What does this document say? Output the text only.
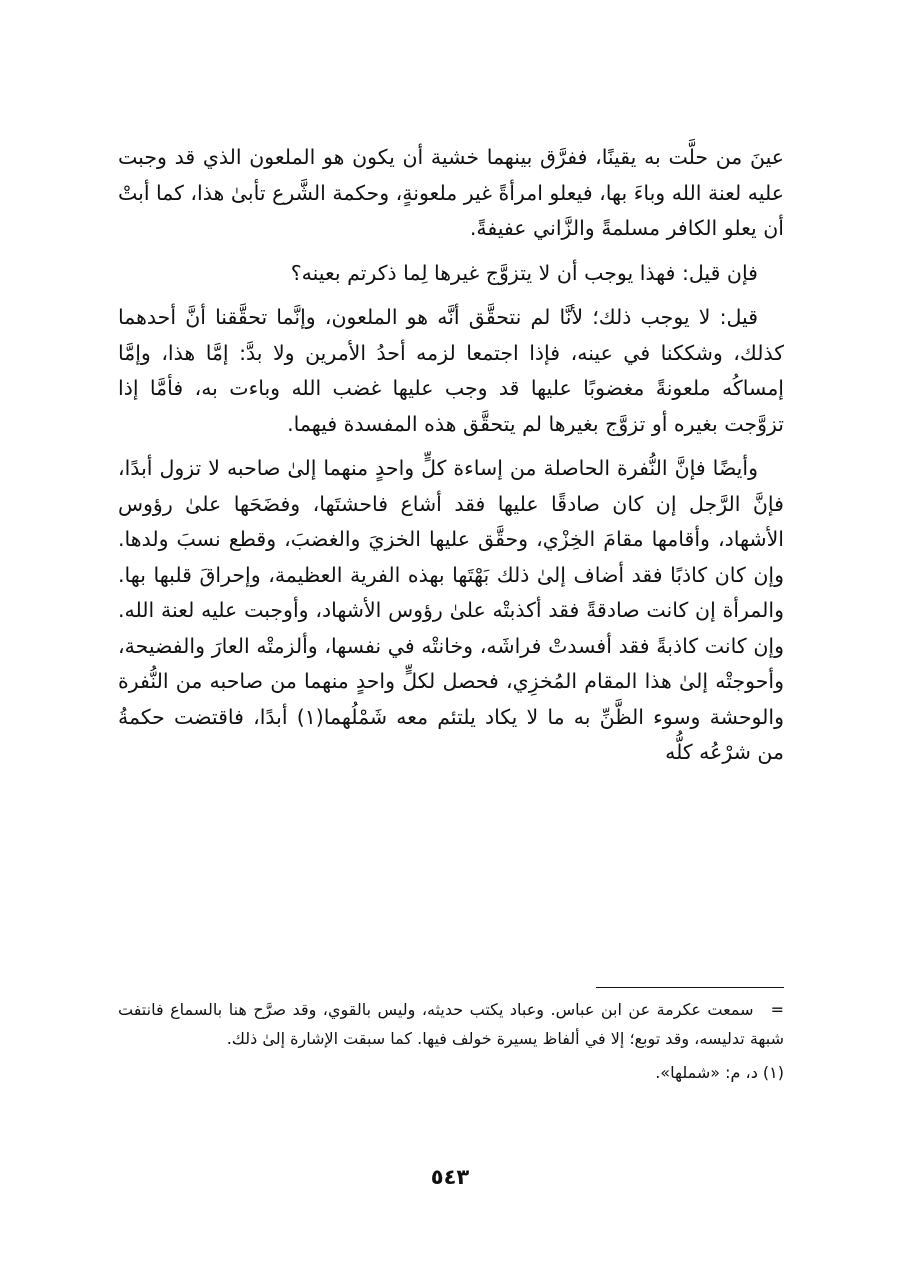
عينَ من حلَّت به يقينًا، ففرَّق بينهما خشية أن يكون هو الملعون الذي قد وجبت عليه لعنة الله وباءَ بها، فيعلو امرأةً غير ملعونةٍ، وحكمة الشَّرع تأبىٰ هذا، كما أبتْ أن يعلو الكافر مسلمةً والزَّاني عفيفةً.

فإن قيل: فهذا يوجب أن لا يتزوَّج غيرها لِما ذكرتم بعينه؟

قيل: لا يوجب ذلك؛ لأنَّا لم نتحقَّق أنَّه هو الملعون، وإنَّما تحقَّقنا أنَّ أحدهما كذلك، وشككنا في عينه، فإذا اجتمعا لزمه أحدُ الأمرين ولا بدَّ: إمَّا هذا، وإمَّا إمساكُه ملعونةً مغضوبًا عليها قد وجب عليها غضب الله وباءت به، فأمَّا إذا تزوَّجت بغيره أو تزوَّج بغيرها لم يتحقَّق هذه المفسدة فيهما.

وأيضًا فإنَّ النُّفرة الحاصلة من إساءة كلٍّ واحدٍ منهما إلىٰ صاحبه لا تزول أبدًا، فإنَّ الرَّجل إن كان صادقًا عليها فقد أشاع فاحشتَها، وفضَحَها علىٰ رؤوس الأشهاد، وأقامها مقامَ الخِزْي، وحقَّق عليها الخزيَ والغضبَ، وقطع نسبَ ولدها. وإن كان كاذبًا فقد أضاف إلىٰ ذلك بَهْتَها بهذه الفرية العظيمة، وإحراقَ قلبها بها. والمرأة إن كانت صادقةً فقد أكذبتْه علىٰ رؤوس الأشهاد، وأوجبت عليه لعنة الله. وإن كانت كاذبةً فقد أفسدتْ فراشَه، وخانتْه في نفسها، وألزمتْه العارَ والفضيحة، وأحوجتْه إلىٰ هذا المقام المُخزِي، فحصل لكلٍّ واحدٍ منهما من صاحبه من النُّفرة والوحشة وسوء الظَّنِّ به ما لا يكاد يلتئم معه شَمْلُهما(١) أبدًا، فاقتضت حكمةُ من شرْعُه كلُّه

= سمعت عكرمة عن ابن عباس. وعباد يكتب حديثه، وليس بالقوي، وقد صرَّح هنا بالسماع فانتفت شبهة تدليسه، وقد توبع؛ إلا في ألفاظ يسيرة خولف فيها. كما سبقت الإشارة إلىٰ ذلك.

(١) د، م: «شملها».

٥٤٣
